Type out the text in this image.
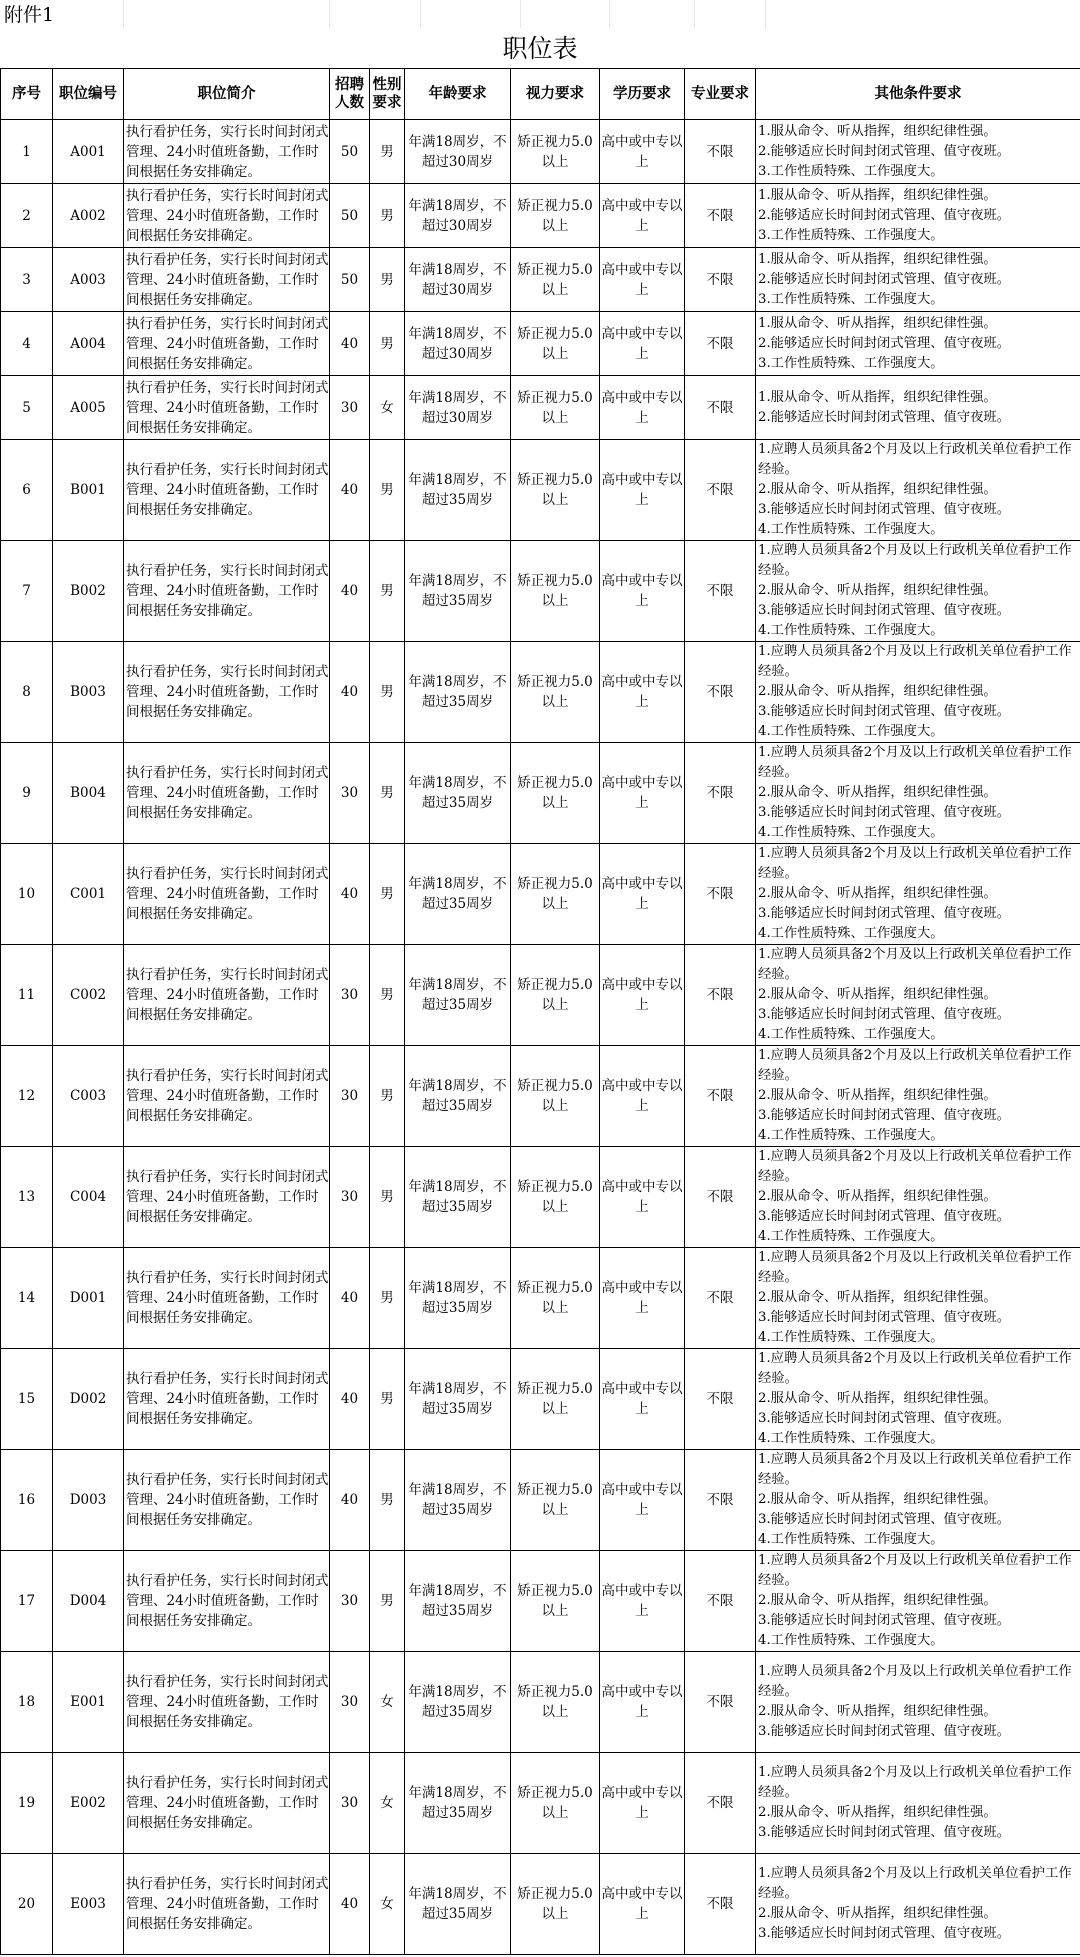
附件1
职位表
序号	职位编号	职位简介	招聘人数	性别要求	年龄要求	视力要求	学历要求	专业要求	其他条件要求
1	A001	执行看护任务，实行长时间封闭式管理、24小时值班备勤，工作时间根据任务安排确定。	50	男	年满18周岁，不超过30周岁	矫正视力5.0以上	高中或中专以上	不限	1.服从命令、听从指挥，组织纪律性强。
2.能够适应长时间封闭式管理、值守夜班。
3.工作性质特殊、工作强度大。

2	A002	执行看护任务，实行长时间封闭式管理、24小时值班备勤，工作时间根据任务安排确定。	50	男	年满18周岁，不超过30周岁	矫正视力5.0以上	高中或中专以上	不限	1.服从命令、听从指挥，组织纪律性强。
2.能够适应长时间封闭式管理、值守夜班。
3.工作性质特殊、工作强度大。

3	A003	执行看护任务，实行长时间封闭式管理、24小时值班备勤，工作时间根据任务安排确定。	50	男	年满18周岁，不超过30周岁	矫正视力5.0以上	高中或中专以上	不限	1.服从命令、听从指挥，组织纪律性强。
2.能够适应长时间封闭式管理、值守夜班。
3.工作性质特殊、工作强度大。

4	A004	执行看护任务，实行长时间封闭式管理、24小时值班备勤，工作时间根据任务安排确定。	40	男	年满18周岁，不超过30周岁	矫正视力5.0以上	高中或中专以上	不限	1.服从命令、听从指挥，组织纪律性强。
2.能够适应长时间封闭式管理、值守夜班。
3.工作性质特殊、工作强度大。

5	A005	执行看护任务，实行长时间封闭式管理、24小时值班备勤，工作时间根据任务安排确定。	30	女	年满18周岁，不超过30周岁	矫正视力5.0以上	高中或中专以上	不限	1.服从命令、听从指挥，组织纪律性强。
2.能够适应长时间封闭式管理、值守夜班。

6	B001	执行看护任务，实行长时间封闭式管理、24小时值班备勤，工作时间根据任务安排确定。	40	男	年满18周岁，不超过35周岁	矫正视力5.0以上	高中或中专以上	不限	1.应聘人员须具备2个月及以上行政机关单位看护工作经验。
2.服从命令、听从指挥，组织纪律性强。
3.能够适应长时间封闭式管理、值守夜班。
4.工作性质特殊、工作强度大。

7	B002	执行看护任务，实行长时间封闭式管理、24小时值班备勤，工作时间根据任务安排确定。	40	男	年满18周岁，不超过35周岁	矫正视力5.0以上	高中或中专以上	不限	1.应聘人员须具备2个月及以上行政机关单位看护工作经验。
2.服从命令、听从指挥，组织纪律性强。
3.能够适应长时间封闭式管理、值守夜班。
4.工作性质特殊、工作强度大。

8	B003	执行看护任务，实行长时间封闭式管理、24小时值班备勤，工作时间根据任务安排确定。	40	男	年满18周岁，不超过35周岁	矫正视力5.0以上	高中或中专以上	不限	1.应聘人员须具备2个月及以上行政机关单位看护工作经验。
2.服从命令、听从指挥，组织纪律性强。
3.能够适应长时间封闭式管理、值守夜班。
4.工作性质特殊、工作强度大。

9	B004	执行看护任务，实行长时间封闭式管理、24小时值班备勤，工作时间根据任务安排确定。	30	男	年满18周岁，不超过35周岁	矫正视力5.0以上	高中或中专以上	不限	1.应聘人员须具备2个月及以上行政机关单位看护工作经验。
2.服从命令、听从指挥，组织纪律性强。
3.能够适应长时间封闭式管理、值守夜班。
4.工作性质特殊、工作强度大。

10	C001	执行看护任务，实行长时间封闭式管理、24小时值班备勤，工作时间根据任务安排确定。	40	男	年满18周岁，不超过35周岁	矫正视力5.0以上	高中或中专以上	不限	1.应聘人员须具备2个月及以上行政机关单位看护工作经验。
2.服从命令、听从指挥，组织纪律性强。
3.能够适应长时间封闭式管理、值守夜班。
4.工作性质特殊、工作强度大。

11	C002	执行看护任务，实行长时间封闭式管理、24小时值班备勤，工作时间根据任务安排确定。	30	男	年满18周岁，不超过35周岁	矫正视力5.0以上	高中或中专以上	不限	1.应聘人员须具备2个月及以上行政机关单位看护工作经验。
2.服从命令、听从指挥，组织纪律性强。
3.能够适应长时间封闭式管理、值守夜班。
4.工作性质特殊、工作强度大。

12	C003	执行看护任务，实行长时间封闭式管理、24小时值班备勤，工作时间根据任务安排确定。	30	男	年满18周岁，不超过35周岁	矫正视力5.0以上	高中或中专以上	不限	1.应聘人员须具备2个月及以上行政机关单位看护工作经验。
2.服从命令、听从指挥，组织纪律性强。
3.能够适应长时间封闭式管理、值守夜班。
4.工作性质特殊、工作强度大。

13	C004	执行看护任务，实行长时间封闭式管理、24小时值班备勤，工作时间根据任务安排确定。	30	男	年满18周岁，不超过35周岁	矫正视力5.0以上	高中或中专以上	不限	1.应聘人员须具备2个月及以上行政机关单位看护工作经验。
2.服从命令、听从指挥，组织纪律性强。
3.能够适应长时间封闭式管理、值守夜班。
4.工作性质特殊、工作强度大。

14	D001	执行看护任务，实行长时间封闭式管理、24小时值班备勤，工作时间根据任务安排确定。	40	男	年满18周岁，不超过35周岁	矫正视力5.0以上	高中或中专以上	不限	1.应聘人员须具备2个月及以上行政机关单位看护工作经验。
2.服从命令、听从指挥，组织纪律性强。
3.能够适应长时间封闭式管理、值守夜班。
4.工作性质特殊、工作强度大。

15	D002	执行看护任务，实行长时间封闭式管理、24小时值班备勤，工作时间根据任务安排确定。	40	男	年满18周岁，不超过35周岁	矫正视力5.0以上	高中或中专以上	不限	1.应聘人员须具备2个月及以上行政机关单位看护工作经验。
2.服从命令、听从指挥，组织纪律性强。
3.能够适应长时间封闭式管理、值守夜班。
4.工作性质特殊、工作强度大。

16	D003	执行看护任务，实行长时间封闭式管理、24小时值班备勤，工作时间根据任务安排确定。	40	男	年满18周岁，不超过35周岁	矫正视力5.0以上	高中或中专以上	不限	1.应聘人员须具备2个月及以上行政机关单位看护工作经验。
2.服从命令、听从指挥，组织纪律性强。
3.能够适应长时间封闭式管理、值守夜班。
4.工作性质特殊、工作强度大。

17	D004	执行看护任务，实行长时间封闭式管理、24小时值班备勤，工作时间根据任务安排确定。	30	男	年满18周岁，不超过35周岁	矫正视力5.0以上	高中或中专以上	不限	1.应聘人员须具备2个月及以上行政机关单位看护工作经验。
2.服从命令、听从指挥，组织纪律性强。
3.能够适应长时间封闭式管理、值守夜班。
4.工作性质特殊、工作强度大。

18	E001	执行看护任务，实行长时间封闭式管理、24小时值班备勤，工作时间根据任务安排确定。	30	女	年满18周岁，不超过35周岁	矫正视力5.0以上	高中或中专以上	不限	1.应聘人员须具备2个月及以上行政机关单位看护工作经验。
2.服从命令、听从指挥，组织纪律性强。
3.能够适应长时间封闭式管理、值守夜班。

19	E002	执行看护任务，实行长时间封闭式管理、24小时值班备勤，工作时间根据任务安排确定。	30	女	年满18周岁，不超过35周岁	矫正视力5.0以上	高中或中专以上	不限	1.应聘人员须具备2个月及以上行政机关单位看护工作经验。
2.服从命令、听从指挥，组织纪律性强。
3.能够适应长时间封闭式管理、值守夜班。

20	E003	执行看护任务，实行长时间封闭式管理、24小时值班备勤，工作时间根据任务安排确定。	40	女	年满18周岁，不超过35周岁	矫正视力5.0以上	高中或中专以上	不限	1.应聘人员须具备2个月及以上行政机关单位看护工作经验。
2.服从命令、听从指挥，组织纪律性强。
3.能够适应长时间封闭式管理、值守夜班。
